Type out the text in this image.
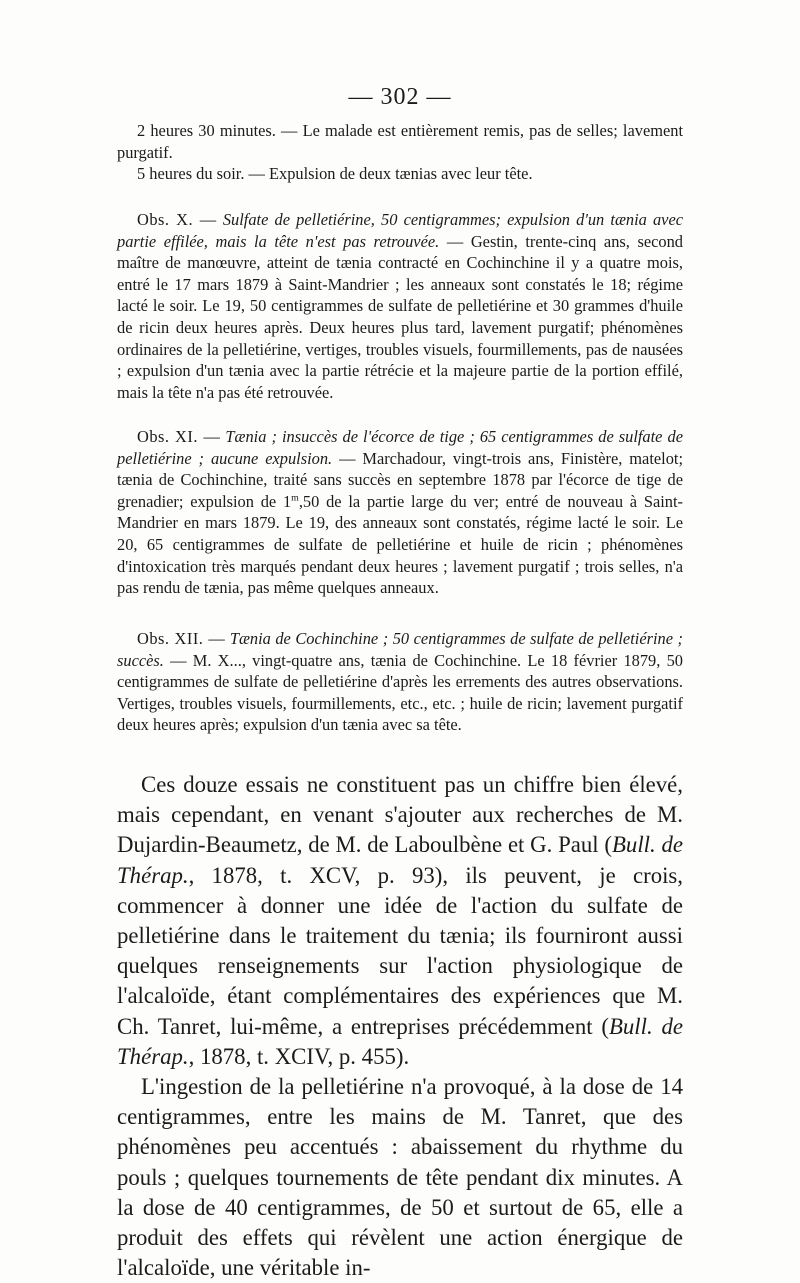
— 302 —

2 heures 30 minutes. — Le malade est entièrement remis, pas de selles; lavement purgatif.

5 heures du soir. — Expulsion de deux tænias avec leur tête.

Obs. X. — Sulfate de pelletiérine, 50 centigrammes; expulsion d'un tænia avec partie effilée, mais la tête n'est pas retrouvée. — Gestin, trente-cinq ans, second maître de manœuvre, atteint de tænia contracté en Cochinchine il y a quatre mois, entré le 17 mars 1879 à Saint-Mandrier ; les anneaux sont constatés le 18; régime lacté le soir. Le 19, 50 centigrammes de sulfate de pelletiérine et 30 grammes d'huile de ricin deux heures après. Deux heures plus tard, lavement purgatif; phénomènes ordinaires de la pelletiérine, vertiges, troubles visuels, fourmillements, pas de nausées ; expulsion d'un tænia avec la partie rétrécie et la majeure partie de la portion effilé, mais la tête n'a pas été retrouvée.

Obs. XI. — Tænia ; insuccès de l'écorce de tige ; 65 centigrammes de sulfate de pelletiérine ; aucune expulsion. — Marchadour, vingt-trois ans, Finistère, matelot; tænia de Cochinchine, traité sans succès en septembre 1878 par l'écorce de tige de grenadier; expulsion de 1$^m$,50 de la partie large du ver; entré de nouveau à Saint-Mandrier en mars 1879. Le 19, des anneaux sont constatés, régime lacté le soir. Le 20, 65 centigrammes de sulfate de pelletiérine et huile de ricin ; phénomènes d'intoxication très marqués pendant deux heures ; lavement purgatif ; trois selles, n'a pas rendu de tænia, pas même quelques anneaux.

Obs. XII. — Tænia de Cochinchine ; 50 centigrammes de sulfate de pelletiérine ; succès. — M. X..., vingt-quatre ans, tænia de Cochinchine. Le 18 février 1879, 50 centigrammes de sulfate de pelletiérine d'après les errements des autres observations. Vertiges, troubles visuels, fourmillements, etc., etc. ; huile de ricin; lavement purgatif deux heures après; expulsion d'un tænia avec sa tête.

Ces douze essais ne constituent pas un chiffre bien élevé, mais cependant, en venant s'ajouter aux recherches de M. Dujardin-Beaumetz, de M. de Laboulbène et G. Paul (Bull. de Thérap., 1878, t. XCV, p. 93), ils peuvent, je crois, commencer à donner une idée de l'action du sulfate de pelletiérine dans le traitement du tænia; ils fourniront aussi quelques renseignements sur l'action physiologique de l'alcaloïde, étant complémentaires des expériences que M. Ch. Tanret, lui-même, a entreprises précédemment (Bull. de Thérap., 1878, t. XCIV, p. 455).

L'ingestion de la pelletiérine n'a provoqué, à la dose de 14 centigrammes, entre les mains de M. Tanret, que des phénomènes peu accentués : abaissement du rhythme du pouls ; quelques tournements de tête pendant dix minutes. A la dose de 40 centigrammes, de 50 et surtout de 65, elle a produit des effets qui révèlent une action énergique de l'alcaloïde, une véritable in-
